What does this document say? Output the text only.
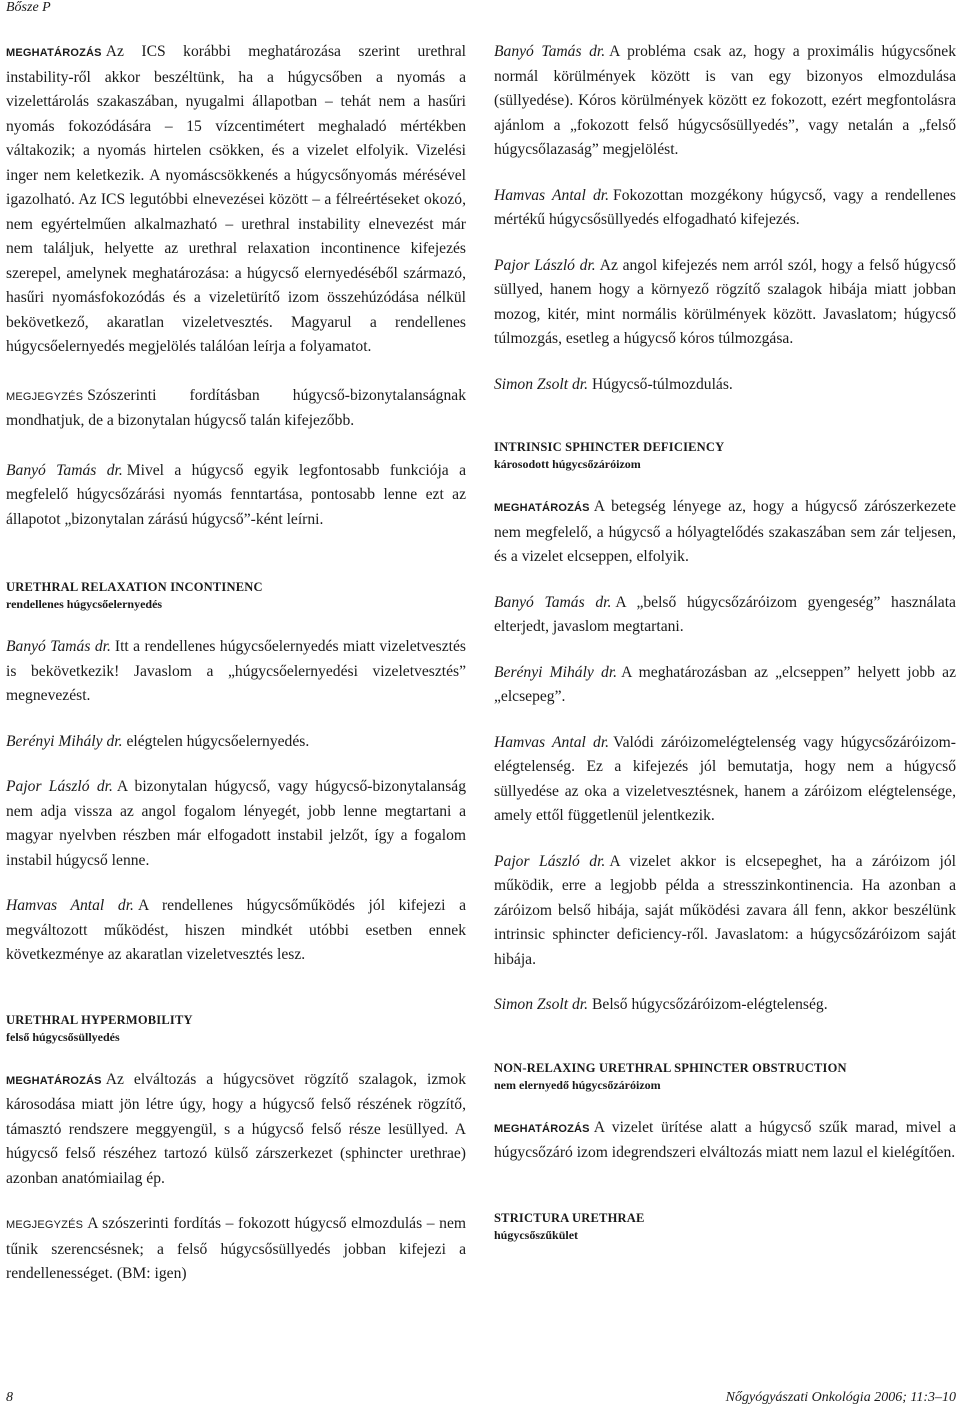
Bősze P

MEGHATÁROZÁS Az ICS korábbi meghatározása szerint urethral instability-ről akkor beszéltünk, ha a húgycsőben a nyomás a vizelettárolás szakaszában, nyugalmi állapotban – tehát nem a hasűri nyomás fokozódására – 15 vízcentimétert meghaladó mértékben váltakozik; a nyomás hirtelen csökken, és a vizelet elfolyik. Vizelési inger nem keletkezik. A nyomáscsökkenés a húgycsőnyomás mérésével igazolható. Az ICS legutóbbi elnevezései között – a félreértéseket okozó, nem egyértelműen alkalmazható – urethral instability elnevezést már nem találjuk, helyette az urethral relaxation incontinence kifejezés szerepel, amelynek meghatározása: a húgycső elernyedéséből származó, hasűri nyomásfokozódás és a vizeletürítő izom összehúzódása nélkül bekövetkező, akaratlan vizeletvesztés. Magyarul a rendellenes húgycsőelernyedés megjelölés találóan leírja a folyamatot.

MEGJEGYZÉS Szószerinti fordításban húgycső-bizonytalanságnak mondhatjuk, de a bizonytalan húgycső talán kifejezőbb.

Banyó Tamás dr. Mivel a húgycső egyik legfontosabb funkciója a megfelelő húgycsőzárási nyomás fenntartása, pontosabb lenne ezt az állapotot „bizonytalan zárású húgycső”-ként leírni.

URETHRAL RELAXATION INCONTINENC
rendellenes húgycsőelernyedés

Banyó Tamás dr. Itt a rendellenes húgycsőelernyedés miatt vizeletvesztés is bekövetkezik! Javaslom a „húgycsőelernyedési vizeletvesztés” megnevezést.

Berényi Mihály dr. elégtelen húgycsőelernyedés.

Pajor László dr. A bizonytalan húgycső, vagy húgycső-bizonytalanság nem adja vissza az angol fogalom lényegét, jobb lenne megtartani a magyar nyelvben részben már elfogadott instabil jelzőt, így a fogalom instabil húgycső lenne.

Hamvas Antal dr. A rendellenes húgycsőműködés jól kifejezi a megváltozott működést, hiszen mindkét utóbbi esetben ennek következménye az akaratlan vizeletvesztés lesz.

URETHRAL HYPERMOBILITY
felső húgycsősüllyedés

MEGHATÁROZÁS Az elváltozás a húgycsövet rögzítő szalagok, izmok károsodása miatt jön létre úgy, hogy a húgycső felső részének rögzítő, támasztó rendszere meggyengül, s a húgycső felső része lesüllyed. A húgycső felső részéhez tartozó külső zárszerkezet (sphincter urethrae) azonban anatómiailag ép.

MEGJEGYZÉS A szószerinti fordítás – fokozott húgycső elmozdulás – nem tűnik szerencsésnek; a felső húgycsősüllyedés jobban kifejezi a rendellenességet. (BM: igen)

Banyó Tamás dr. A probléma csak az, hogy a proximális húgycsőnek normál körülmények között is van egy bizonyos elmozdulása (süllyedése). Kóros körülmények között ez fokozott, ezért megfontolásra ajánlom a „fokozott felső húgycsősüllyedés”, vagy netalán a „felső húgycsőlazaság” megjelölést.

Hamvas Antal dr. Fokozottan mozgékony húgycső, vagy a rendellenes mértékű húgycsősüllyedés elfogadható kifejezés.

Pajor László dr. Az angol kifejezés nem arról szól, hogy a felső húgycső süllyed, hanem hogy a környező rögzítő szalagok hibája miatt jobban mozog, kitér, mint normális körülmények között. Javaslatom; húgycső túlmozgás, esetleg a húgycső kóros túlmozgása.

Simon Zsolt dr. Húgycső-túlmozdulás.

INTRINSIC SPHINCTER DEFICIENCY
károsodott húgycsőzáróizom

MEGHATÁROZÁS A betegség lényege az, hogy a húgycső zárószerkezete nem megfelelő, a húgycső a hólyagtelődés szakaszában sem zár teljesen, és a vizelet elcseppen, elfolyik.

Banyó Tamás dr. A „belső húgycsőzáróizom gyengeség” használata elterjedt, javaslom megtartani.

Berényi Mihály dr. A meghatározásban az „elcseppen” helyett jobb az „elcsepeg”.

Hamvas Antal dr. Valódi záróizomelégtelenség vagy húgycsőzáróizom-elégtelenség. Ez a kifejezés jól bemutatja, hogy nem a húgycső süllyedése az oka a vizeletvesztésnek, hanem a záróizom elégtelensége, amely ettől függetlenül jelentkezik.

Pajor László dr. A vizelet akkor is elcsepeghet, ha a záróizom jól működik, erre a legjobb példa a stresszinkontinencia. Ha azonban a záróizom belső hibája, saját működési zavara áll fenn, akkor beszélünk intrinsic sphincter deficiency-ről. Javaslatom: a húgycsőzáróizom saját hibája.

Simon Zsolt dr. Belső húgycsőzáróizom-elégtelenség.

NON-RELAXING URETHRAL SPHINCTER OBSTRUCTION
nem elernyedő húgycsőzáróizom

MEGHATÁROZÁS A vizelet ürítése alatt a húgycső szűk marad, mivel a húgycsőzáró izom idegrendszeri elváltozás miatt nem lazul el kielégítően.

STRICTURA URETHRAE
húgycsőszűkület
8	Nőgyógyászati Onkológia 2006; 11:3–10
